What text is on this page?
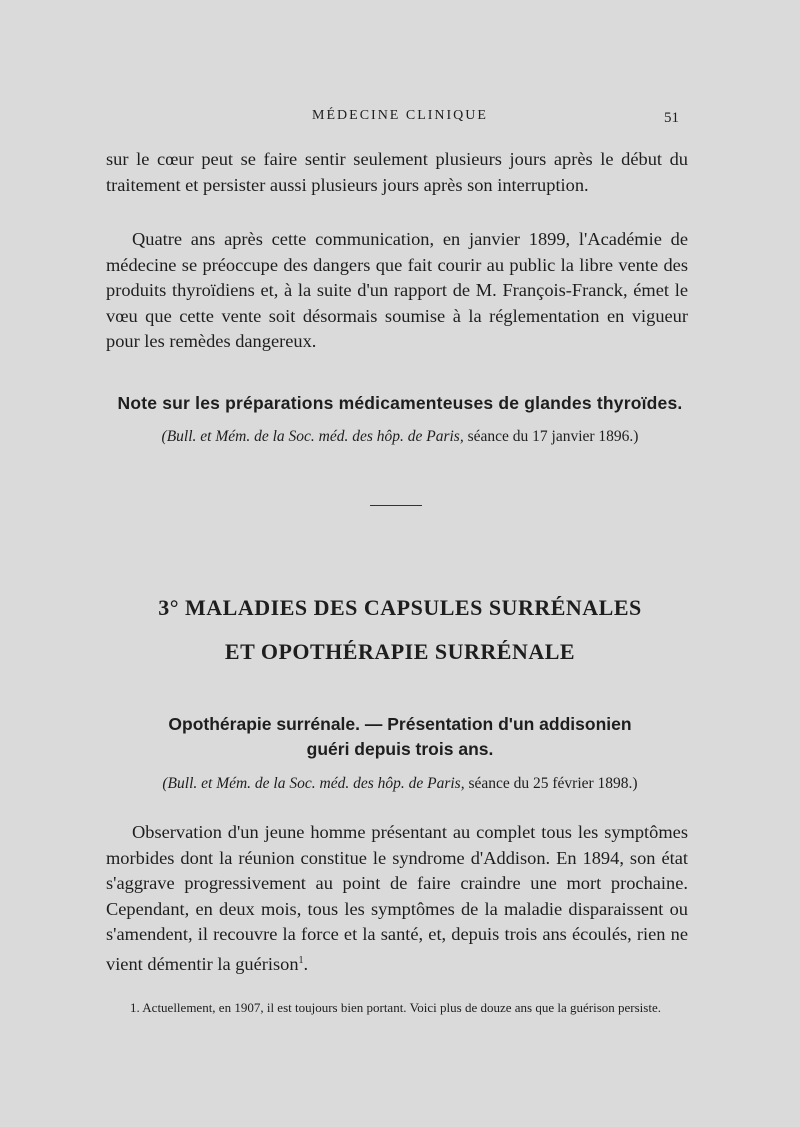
MÉDECINE CLINIQUE	51

sur le cœur peut se faire sentir seulement plusieurs jours après le début du traitement et persister aussi plusieurs jours après son interruption.

Quatre ans après cette communication, en janvier 1899, l'Académie de médecine se préoccupe des dangers que fait courir au public la libre vente des produits thyroïdiens et, à la suite d'un rapport de M. François-Franck, émet le vœu que cette vente soit désormais soumise à la réglementation en vigueur pour les remèdes dangereux.

Note sur les préparations médicamenteuses de glandes thyroïdes.
(Bull. et Mém. de la Soc. méd. des hôp. de Paris, séance du 17 janvier 1896.)
3° MALADIES DES CAPSULES SURRÉNALES
ET OPOTHÉRAPIE SURRÉNALE
Opothérapie surrénale. — Présentation d'un addisonien
guéri depuis trois ans.
(Bull. et Mém. de la Soc. méd. des hôp. de Paris, séance du 25 février 1898.)

Observation d'un jeune homme présentant au complet tous les symptômes morbides dont la réunion constitue le syndrome d'Addison. En 1894, son état s'aggrave progressivement au point de faire craindre une mort prochaine. Cependant, en deux mois, tous les symptômes de la maladie disparaissent ou s'amendent, il recouvre la force et la santé, et, depuis trois ans écoulés, rien ne vient démentir la guérison$^1$.

1. Actuellement, en 1907, il est toujours bien portant. Voici plus de douze ans que la guérison persiste.
